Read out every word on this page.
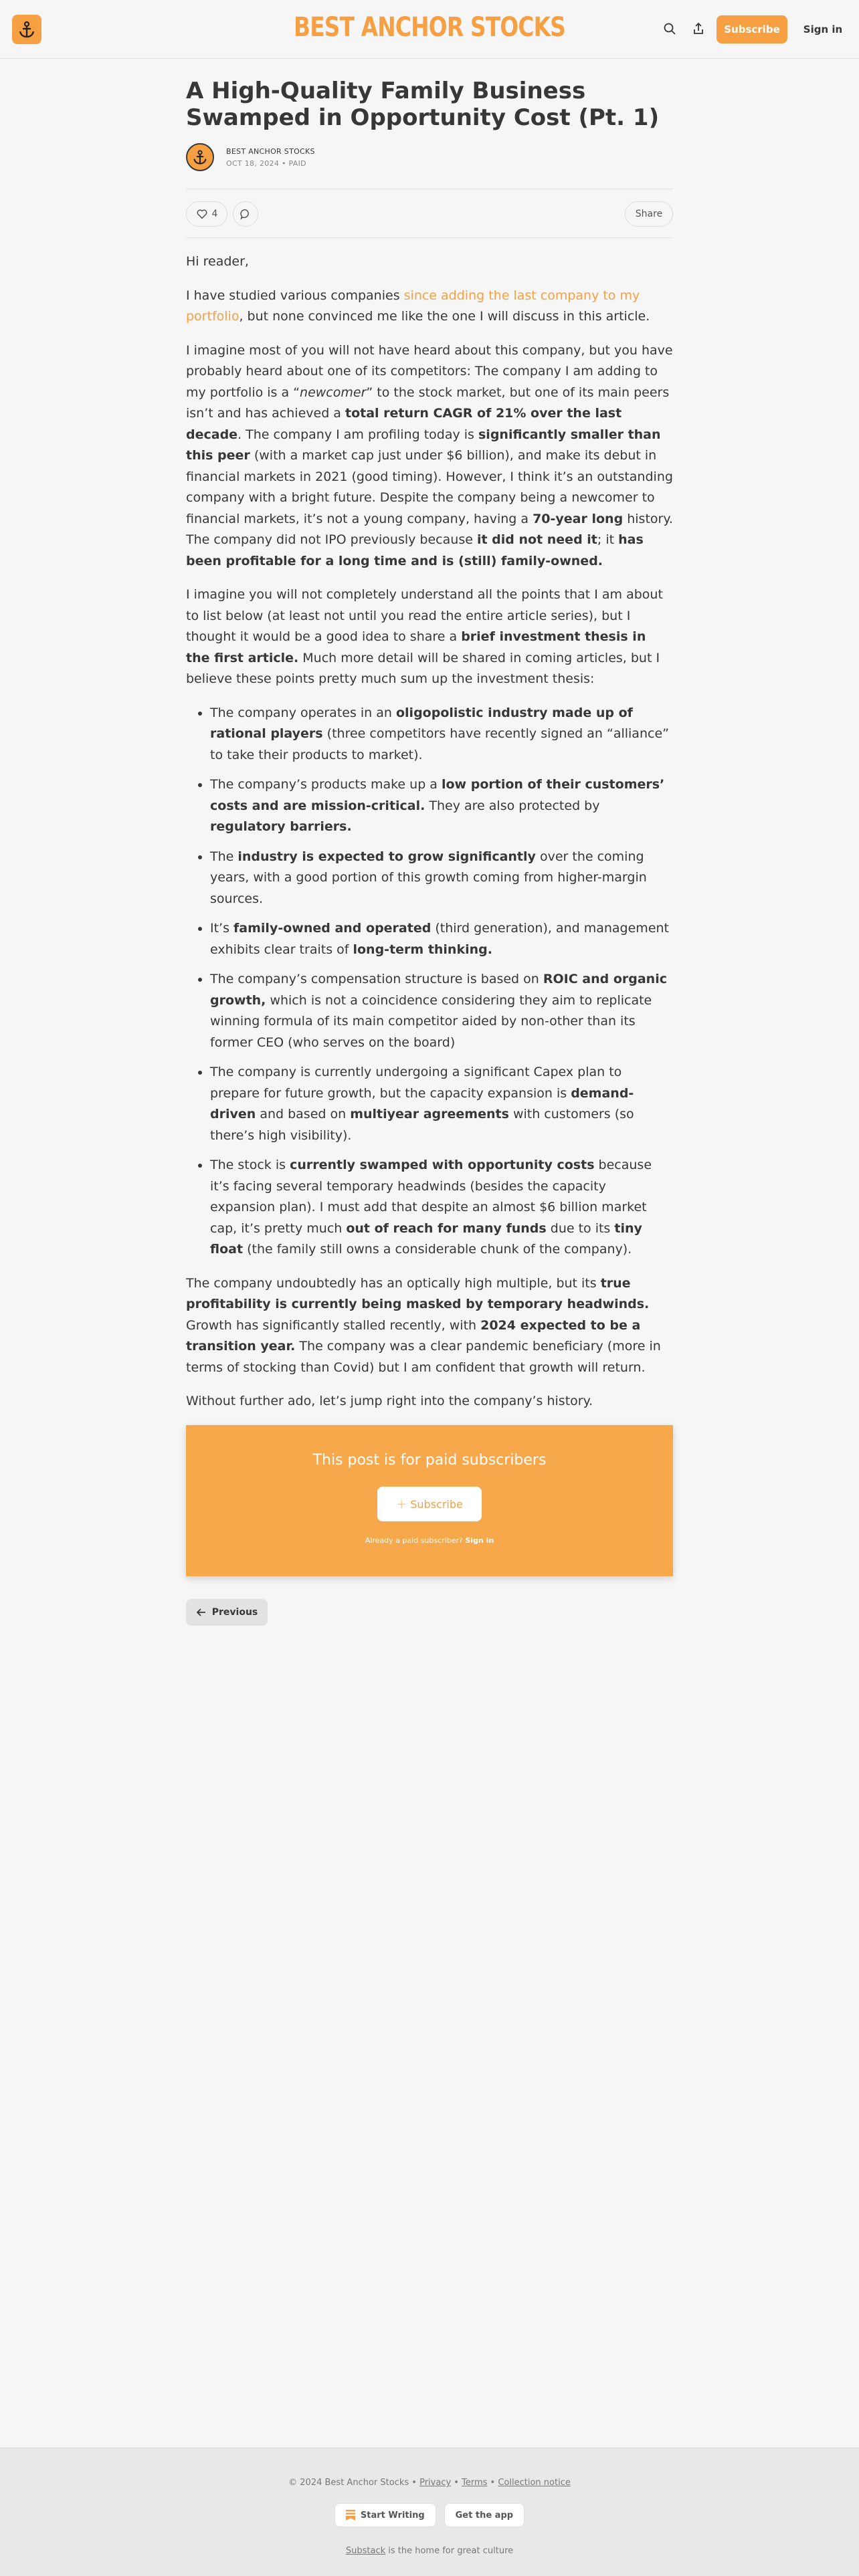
BEST ANCHOR STOCKS	Subscribe	Sign in
A High-Quality Family Business Swamped in Opportunity Cost (Pt. 1)
BEST ANCHOR STOCKS
OCT 18, 2024 • PAID
4	Share

Hi reader,

I have studied various companies since adding the last company to my portfolio, but none convinced me like the one I will discuss in this article.

I imagine most of you will not have heard about this company, but you have probably heard about one of its competitors: The company I am adding to my portfolio is a “newcomer” to the stock market, but one of its main peers isn’t and has achieved a total return CAGR of 21% over the last decade. The company I am profiling today is significantly smaller than this peer (with a market cap just under $6 billion), and make its debut in financial markets in 2021 (good timing). However, I think it’s an outstanding company with a bright future. Despite the company being a newcomer to financial markets, it’s not a young company, having a 70-year long history. The company did not IPO previously because it did not need it; it has been profitable for a long time and is (still) family-owned.

I imagine you will not completely understand all the points that I am about to list below (at least not until you read the entire article series), but I thought it would be a good idea to share a brief investment thesis in the first article. Much more detail will be shared in coming articles, but I believe these points pretty much sum up the investment thesis:

• The company operates in an oligopolistic industry made up of rational players (three competitors have recently signed an “alliance” to take their products to market).
• The company’s products make up a low portion of their customers’ costs and are mission-critical. They are also protected by regulatory barriers.
• The industry is expected to grow significantly over the coming years, with a good portion of this growth coming from higher-margin sources.
• It’s family-owned and operated (third generation), and management exhibits clear traits of long-term thinking.
• The company’s compensation structure is based on ROIC and organic growth, which is not a coincidence considering they aim to replicate winning formula of its main competitor aided by non-other than its former CEO (who serves on the board)
• The company is currently undergoing a significant Capex plan to prepare for future growth, but the capacity expansion is demand-driven and based on multiyear agreements with customers (so there’s high visibility).
• The stock is currently swamped with opportunity costs because it’s facing several temporary headwinds (besides the capacity expansion plan). I must add that despite an almost $6 billion market cap, it’s pretty much out of reach for many funds due to its tiny float (the family still owns a considerable chunk of the company).

The company undoubtedly has an optically high multiple, but its true profitability is currently being masked by temporary headwinds. Growth has significantly stalled recently, with 2024 expected to be a transition year. The company was a clear pandemic beneficiary (more in terms of stocking than Covid) but I am confident that growth will return.

Without further ado, let’s jump right into the company’s history.

This post is for paid subscribers
＋ Subscribe
Already a paid subscriber? Sign in
Previous
© 2024 Best Anchor Stocks • Privacy • Terms • Collection notice
Start Writing	Get the app
Substack is the home for great culture
